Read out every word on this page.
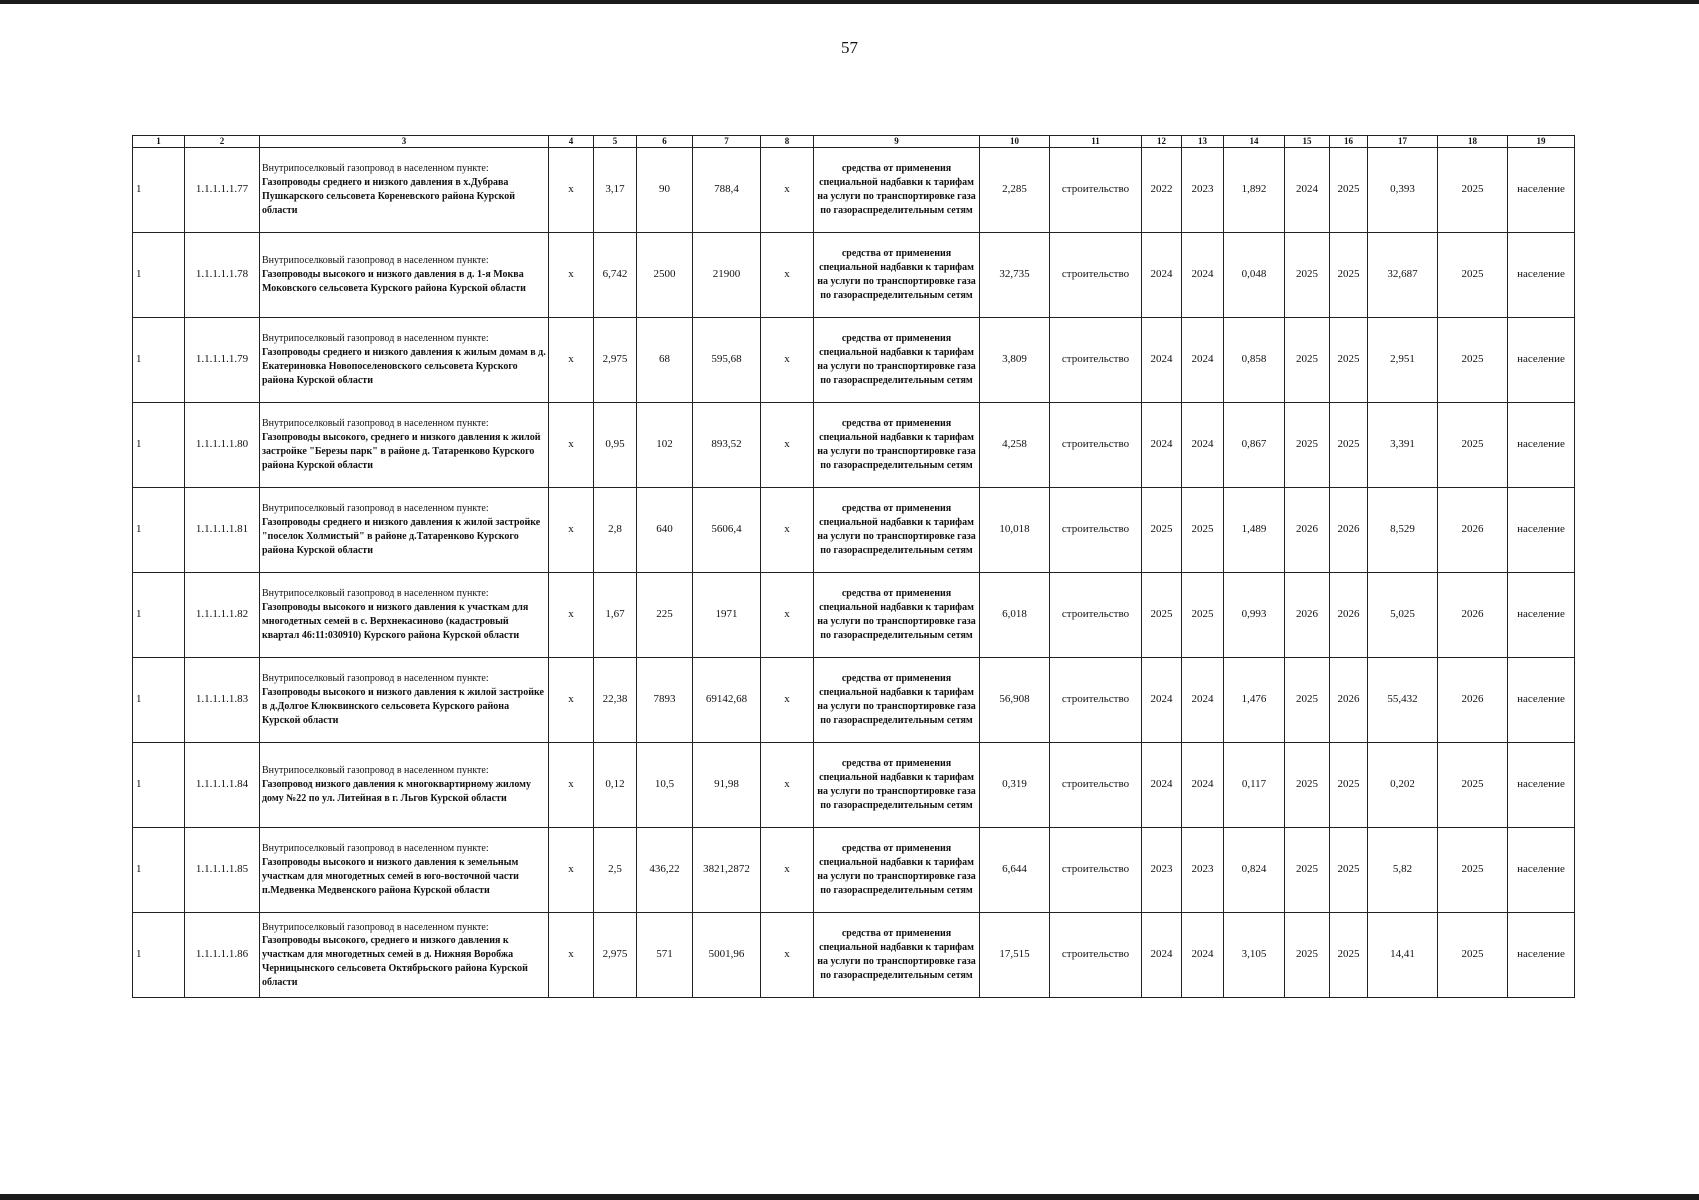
57
1	2	3	4	5	6	7	8	9	10	11	12	13	14	15	16	17	18	19
1	1.1.1.1.1.77	Внутрипоселковый газопровод в населенном пункте:
Газопроводы среднего и низкого давления в х.Дубрава Пушкарского сельсовета Кореневского района Курской области	x	3,17	90	788,4	x	средства от применения специальной надбавки к тарифам на услуги по транспортировке газа по газораспределительным сетям	2,285	строительство	2022	2023	1,892	2024	2025	0,393	2025	население
1	1.1.1.1.1.78	Внутрипоселковый газопровод в населенном пункте:
Газопроводы высокого и низкого давления в д. 1-я Моква Моковского сельсовета Курского района Курской области	x	6,742	2500	21900	x	средства от применения специальной надбавки к тарифам на услуги по транспортировке газа по газораспределительным сетям	32,735	строительство	2024	2024	0,048	2025	2025	32,687	2025	население
1	1.1.1.1.1.79	Внутрипоселковый газопровод в населенном пункте:
Газопроводы среднего и низкого давления к жилым домам в д. Екатериновка Новопоселеновского сельсовета Курского района Курской области	x	2,975	68	595,68	x	средства от применения специальной надбавки к тарифам на услуги по транспортировке газа по газораспределительным сетям	3,809	строительство	2024	2024	0,858	2025	2025	2,951	2025	население
1	1.1.1.1.1.80	Внутрипоселковый газопровод в населенном пункте:
Газопроводы высокого, среднего и низкого давления к жилой застройке "Березы парк" в районе д. Татаренково Курского района Курской области	x	0,95	102	893,52	x	средства от применения специальной надбавки к тарифам на услуги по транспортировке газа по газораспределительным сетям	4,258	строительство	2024	2024	0,867	2025	2025	3,391	2025	население
1	1.1.1.1.1.81	Внутрипоселковый газопровод в населенном пункте:
Газопроводы среднего и низкого давления к жилой застройке "поселок Холмистый" в районе д.Татаренково Курского района Курской области	x	2,8	640	5606,4	x	средства от применения специальной надбавки к тарифам на услуги по транспортировке газа по газораспределительным сетям	10,018	строительство	2025	2025	1,489	2026	2026	8,529	2026	население
1	1.1.1.1.1.82	Внутрипоселковый газопровод в населенном пункте:
Газопроводы высокого и низкого давления к участкам для многодетных семей в с. Верхнекасиново (кадастровый квартал 46:11:030910) Курского района Курской области	x	1,67	225	1971	x	средства от применения специальной надбавки к тарифам на услуги по транспортировке газа по газораспределительным сетям	6,018	строительство	2025	2025	0,993	2026	2026	5,025	2026	население
1	1.1.1.1.1.83	Внутрипоселковый газопровод в населенном пункте:
Газопроводы высокого и низкого давления к жилой застройке в д.Долгое Клюквинского сельсовета Курского района Курской области	x	22,38	7893	69142,68	x	средства от применения специальной надбавки к тарифам на услуги по транспортировке газа по газораспределительным сетям	56,908	строительство	2024	2024	1,476	2025	2026	55,432	2026	население
1	1.1.1.1.1.84	Внутрипоселковый газопровод в населенном пункте:
Газопровод низкого давления к многоквартирному жилому дому №22 по ул. Литейная в г. Льгов Курской области	x	0,12	10,5	91,98	x	средства от применения специальной надбавки к тарифам на услуги по транспортировке газа по газораспределительным сетям	0,319	строительство	2024	2024	0,117	2025	2025	0,202	2025	население
1	1.1.1.1.1.85	Внутрипоселковый газопровод в населенном пункте:
Газопроводы высокого и низкого давления к земельным участкам для многодетных семей в юго-восточной части п.Медвенка Медвенского района Курской области	x	2,5	436,22	3821,2872	x	средства от применения специальной надбавки к тарифам на услуги по транспортировке газа по газораспределительным сетям	6,644	строительство	2023	2023	0,824	2025	2025	5,82	2025	население
1	1.1.1.1.1.86	Внутрипоселковый газопровод в населенном пункте:
Газопроводы высокого, среднего и низкого давления к участкам для многодетных семей в д. Нижняя Воробжа Черницынского сельсовета Октябрьского района Курской области	x	2,975	571	5001,96	x	средства от применения специальной надбавки к тарифам на услуги по транспортировке газа по газораспределительным сетям	17,515	строительство	2024	2024	3,105	2025	2025	14,41	2025	население
